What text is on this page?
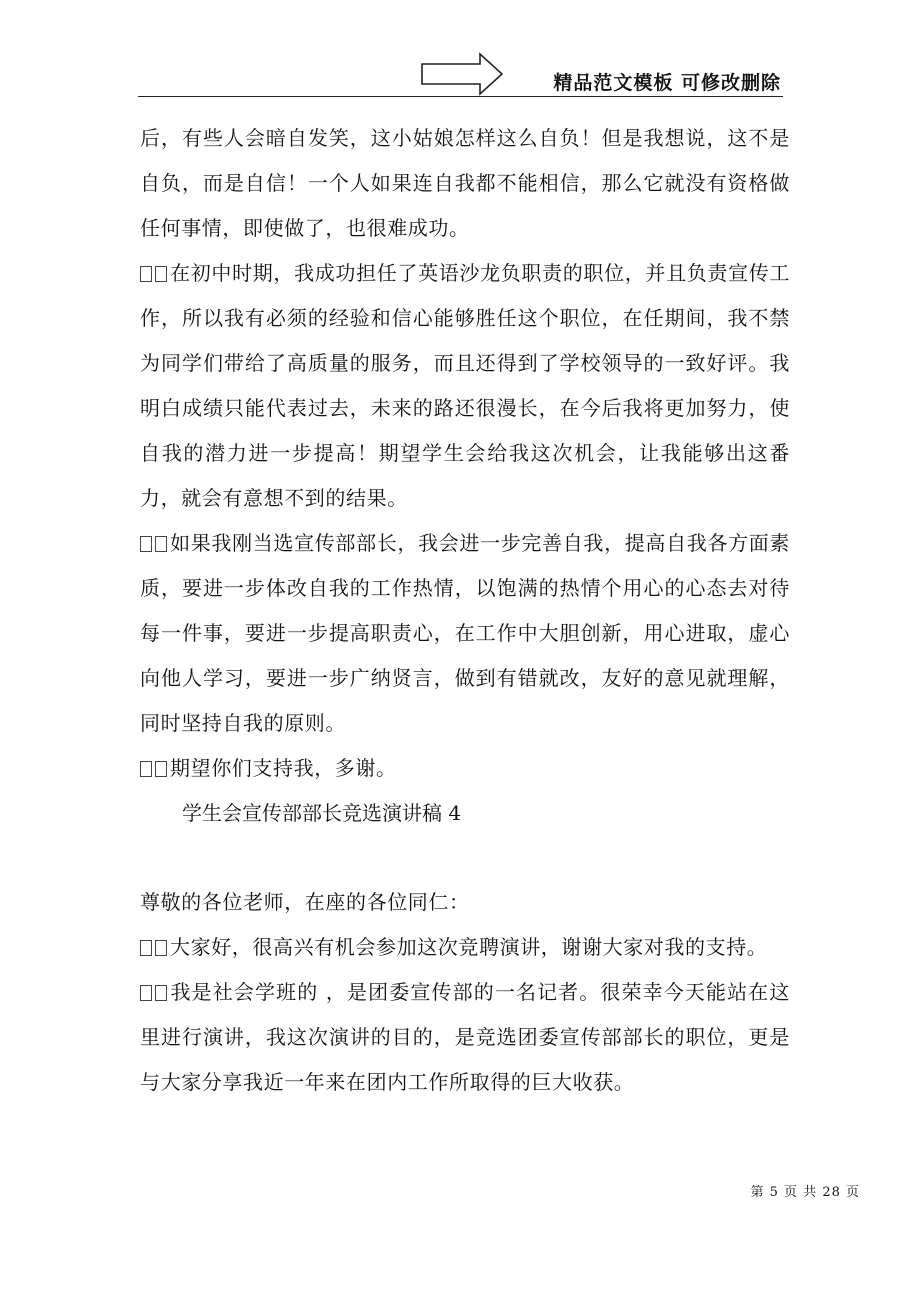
精品范文模板 可修改删除

后，有些人会暗自发笑，这小姑娘怎样这么自负！但是我想说，这不是自负，而是自信！一个人如果连自我都不能相信，那么它就没有资格做任何事情，即使做了，也很难成功。

在初中时期，我成功担任了英语沙龙负职责的职位，并且负责宣传工作，所以我有必须的经验和信心能够胜任这个职位，在任期间，我不禁为同学们带给了高质量的服务，而且还得到了学校领导的一致好评。我明白成绩只能代表过去，未来的路还很漫长，在今后我将更加努力，使自我的潜力进一步提高！期望学生会给我这次机会，让我能够出这番力，就会有意想不到的结果。

如果我刚当选宣传部部长，我会进一步完善自我，提高自我各方面素质，要进一步体改自我的工作热情，以饱满的热情个用心的心态去对待每一件事，要进一步提高职责心，在工作中大胆创新，用心进取，虚心向他人学习，要进一步广纳贤言，做到有错就改，友好的意见就理解，同时坚持自我的原则。

期望你们支持我，多谢。

学生会宣传部部长竞选演讲稿 4

尊敬的各位老师，在座的各位同仁：

大家好，很高兴有机会参加这次竞聘演讲，谢谢大家对我的支持。

我是社会学班的 ，是团委宣传部的一名记者。很荣幸今天能站在这里进行演讲，我这次演讲的目的，是竞选团委宣传部部长的职位，更是与大家分享我近一年来在团内工作所取得的巨大收获。

第 5 页 共 28 页
